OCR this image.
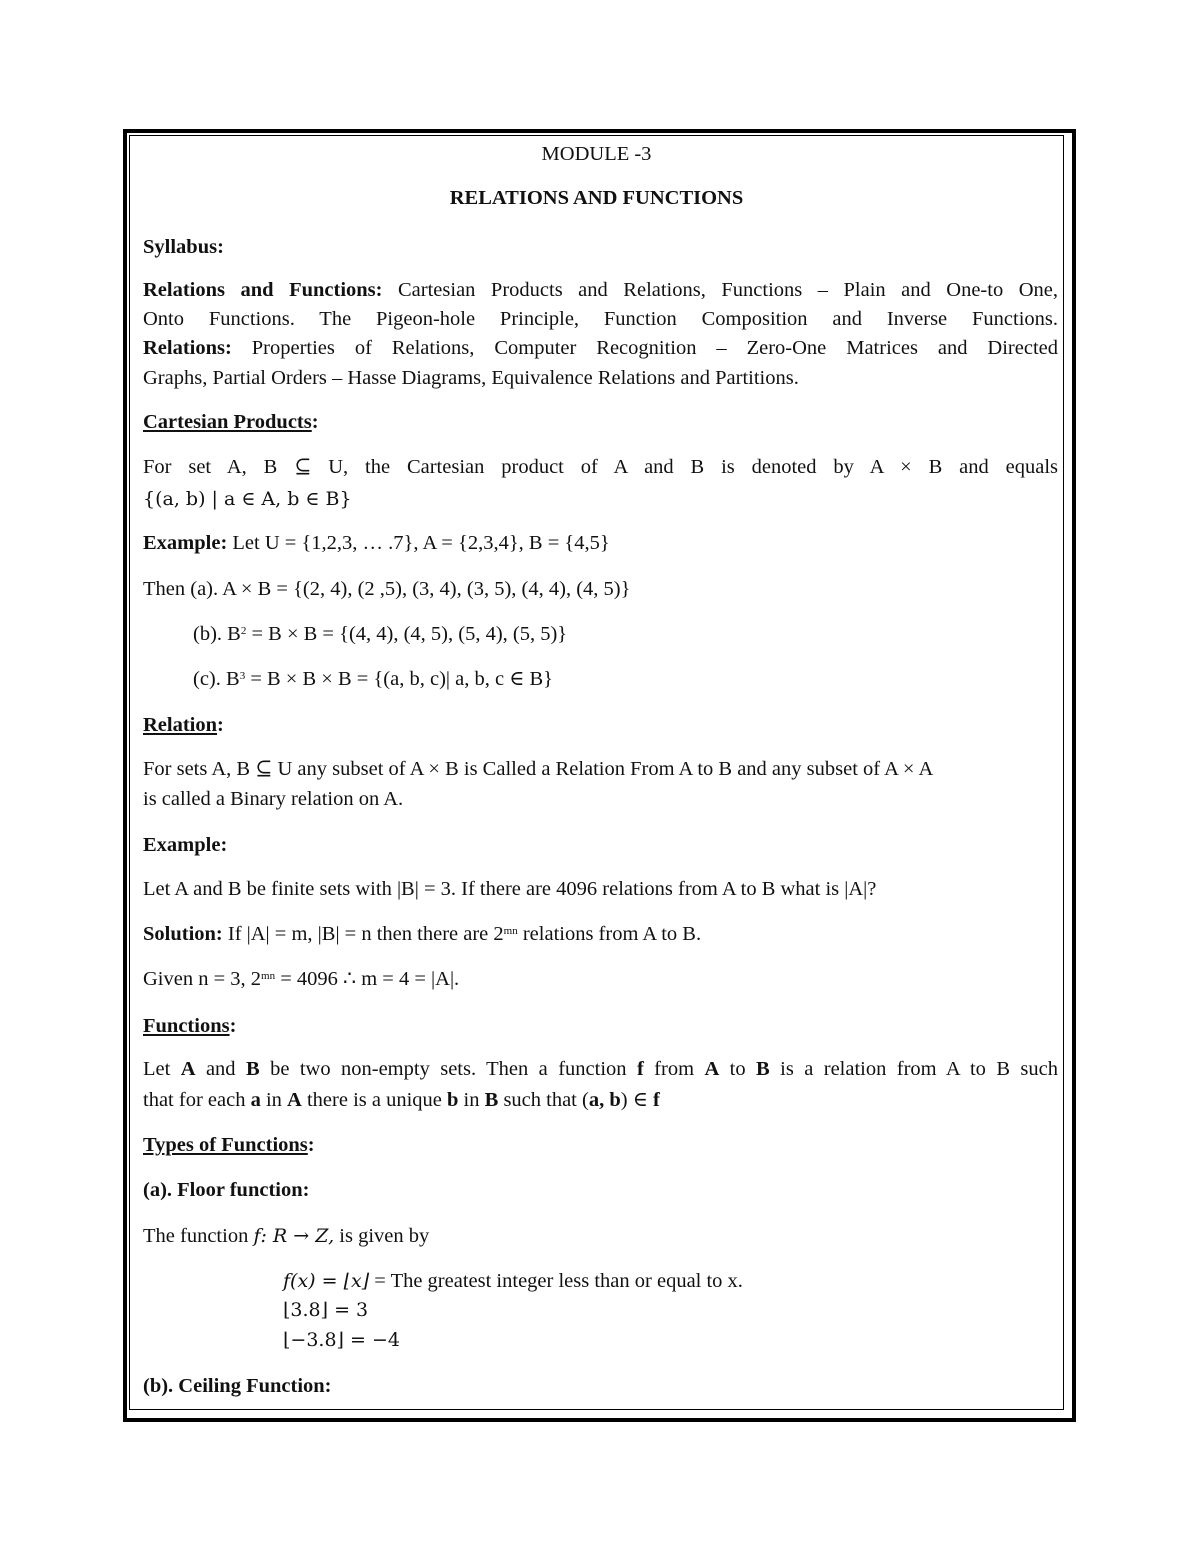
MODULE -3
RELATIONS AND FUNCTIONS
Syllabus:
Relations and Functions: Cartesian Products and Relations, Functions – Plain and One-to One,
Onto Functions. The Pigeon-hole Principle, Function Composition and Inverse Functions.
Relations: Properties of Relations, Computer Recognition – Zero-One Matrices and Directed
Graphs, Partial Orders – Hasse Diagrams, Equivalence Relations and Partitions.
Cartesian Products:
For set A, B ⊆ U, the Cartesian product of A and B is denoted by A × B and equals
{(a, b) | a ∈ A, b ∈ B}
Example: Let U = {1,2,3, … .7}, A = {2,3,4}, B = {4,5}
Then (a). A × B = {(2, 4), (2 ,5), (3, 4), (3, 5), (4, 4), (4, 5)}
(b). $B^2 = B \times B = \{(4$, 4), (4, 5), (5, 4), (5, 5)}
(c). $B^3 = B \times B \times B = \{(a$, b, c)| a, b, c ∈ B}
Relation:
For sets A, B ⊆ U any subset of A × B is Called a Relation From A to B and any subset of A × A
is called a Binary relation on A.
Example:
Let A and B be finite sets with |B| = 3. If there are 4096 relations from A to B what is |A|?
Solution: If |A| = m, |B| = n then there are $2^{mn}$ relations from A to B.
Given n = 3, $2^{mn} = 4096$ ∴ m = 4 = |A|.
Functions:
Let A and B be two non-empty sets. Then a function f from A to B is a relation from A to B such
that for each a in A there is a unique b in B such that (a, b) ∈ f
Types of Functions:
(a). Floor function:
The function f: R → Z, is given by
f(x) = ⌊x⌋ = The greatest integer less than or equal to x.
⌊3.8⌋ = 3
⌊−3.8⌋ = −4
(b). Ceiling Function:
